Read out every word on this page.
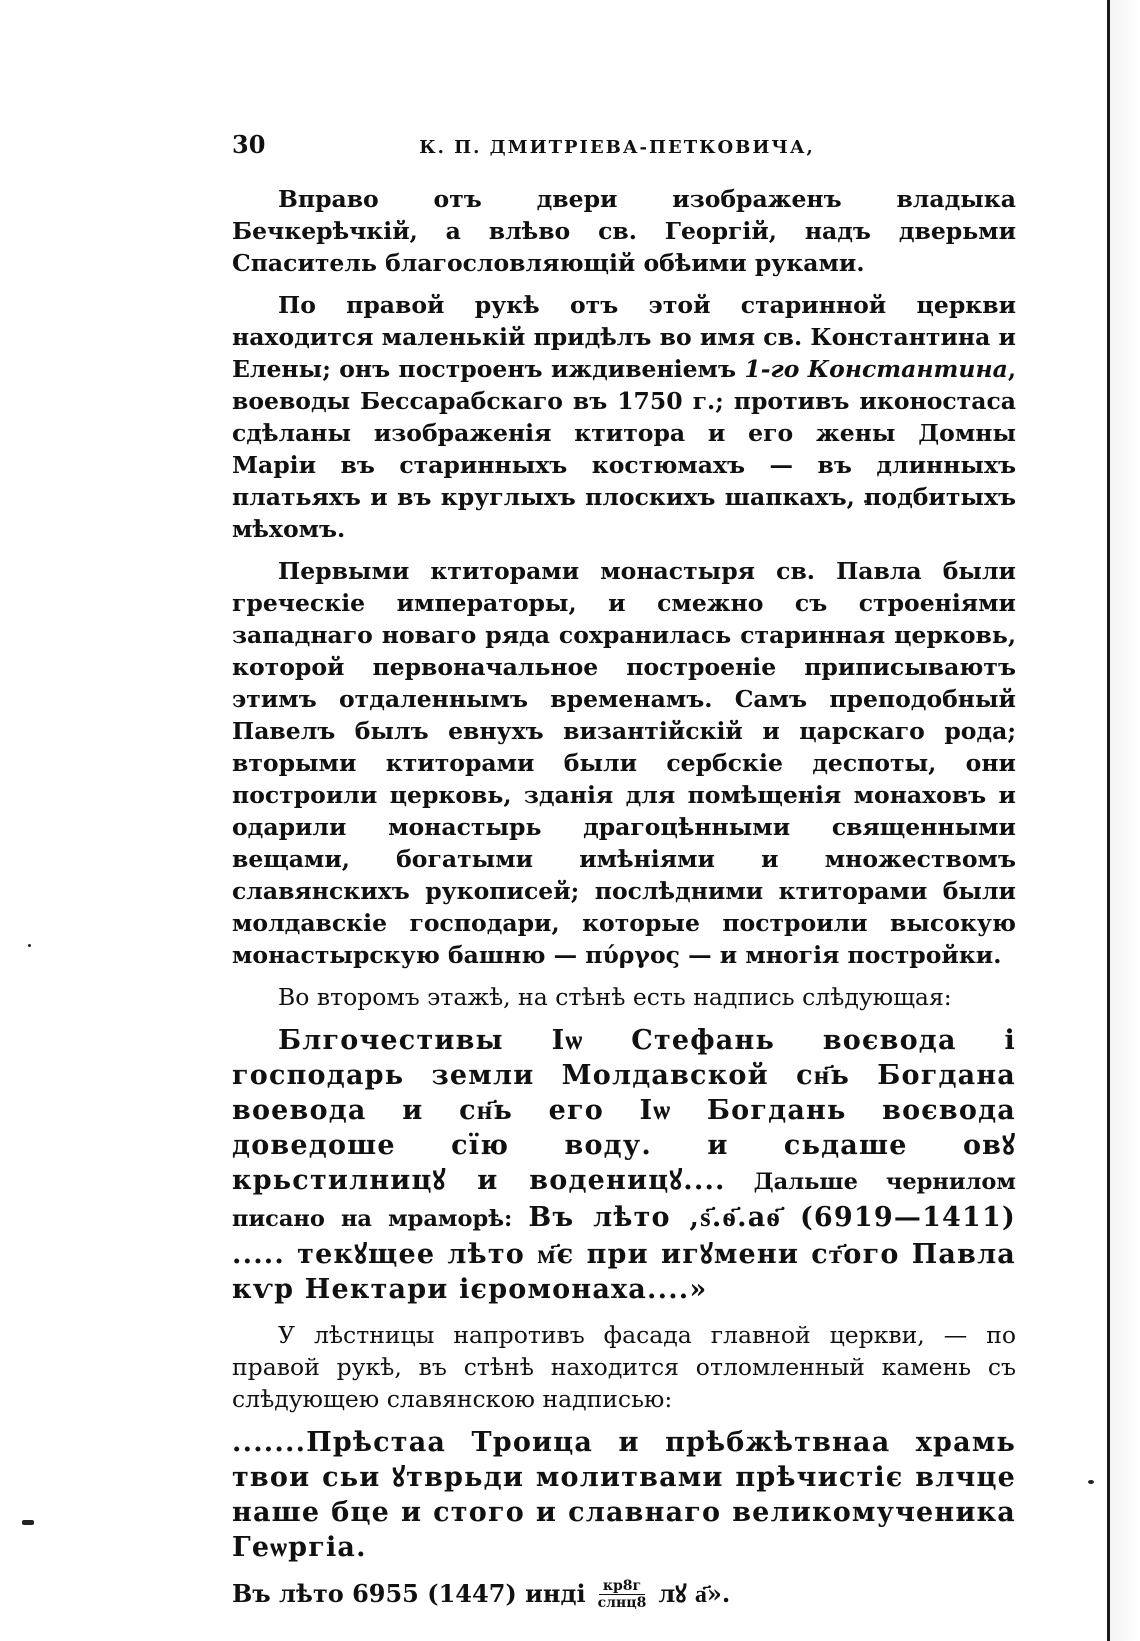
30	К. П. ДМИТРІЕВА-ПЕТКОВИЧА,

Вправо отъ двери изображенъ владыка Бечкерѣчкій, а влѣво св. Георгій, надъ дверьми Спаситель благословляющій обѣими руками.

По правой рукѣ отъ этой старинной церкви находится маленькій придѣлъ во имя св. Константина и Елены; онъ построенъ иждивеніемъ 1-го Константина, воеводы Бессарабскаго въ 1750 г.; противъ иконостаса сдѣланы изображенія ктитора и его жены Домны Маріи въ старинныхъ костюмахъ — въ длинныхъ платьяхъ и въ круглыхъ плоскихъ шапкахъ, подбитыхъ мѣхомъ.

Первыми ктиторами монастыря св. Павла были греческіе императоры, и смежно съ строеніями западнаго новаго ряда сохранилась старинная церковь, которой первоначальное построеніе приписываютъ этимъ отдаленнымъ временамъ. Самъ преподобный Павелъ былъ евнухъ византійскій и царскаго рода; вторыми ктиторами были сербскіе деспоты, они построили церковь, зданія для помѣщенія монаховъ и одарили монастырь драгоцѣнными священными вещами, богатыми имѣніями и множествомъ славянскихъ рукописей; послѣдними ктиторами были молдавскіе господари, которые построили высокую монастырскую башню — πύργος — и многія постройки.

Во второмъ этажѣ, на стѣнѣ есть надпись слѣдующая:

Блгочестивы Іѡ Стефань воєвода і господарь земли Молдавской сн҃ь Богдана воевода и сн҃ь его Іѡ Богдань воєвода доведоше сїю воду. и сьдаше овꙋ крьстилницꙋ и воденицꙋ.... Дальше чернилом писано на мраморѣ: Въ лѣто ,ѕ҃.ѳ҃.аѳ҃ (6919—1411) ..... текꙋщее лѣто м҃є при игꙋмени ст҃ого Павла кѵр Нектари ієромонаха....»

У лѣстницы напротивъ фасада главной церкви, — по правой рукѣ, въ стѣнѣ находится отломленный камень съ слѣдующею славянскою надписью:

.......Прѣстаа Троица и прѣбжѣтвнаа храмь твои сьи ꙋтврьди молитвами прѣчистіє влчце наше бце и стого и славнаго великомученика Геѡргіа.

Въ лѣто 6955 (1447) инді $\frac{кр8г}{\text{слнц8}}$ лꙋ а҃».
